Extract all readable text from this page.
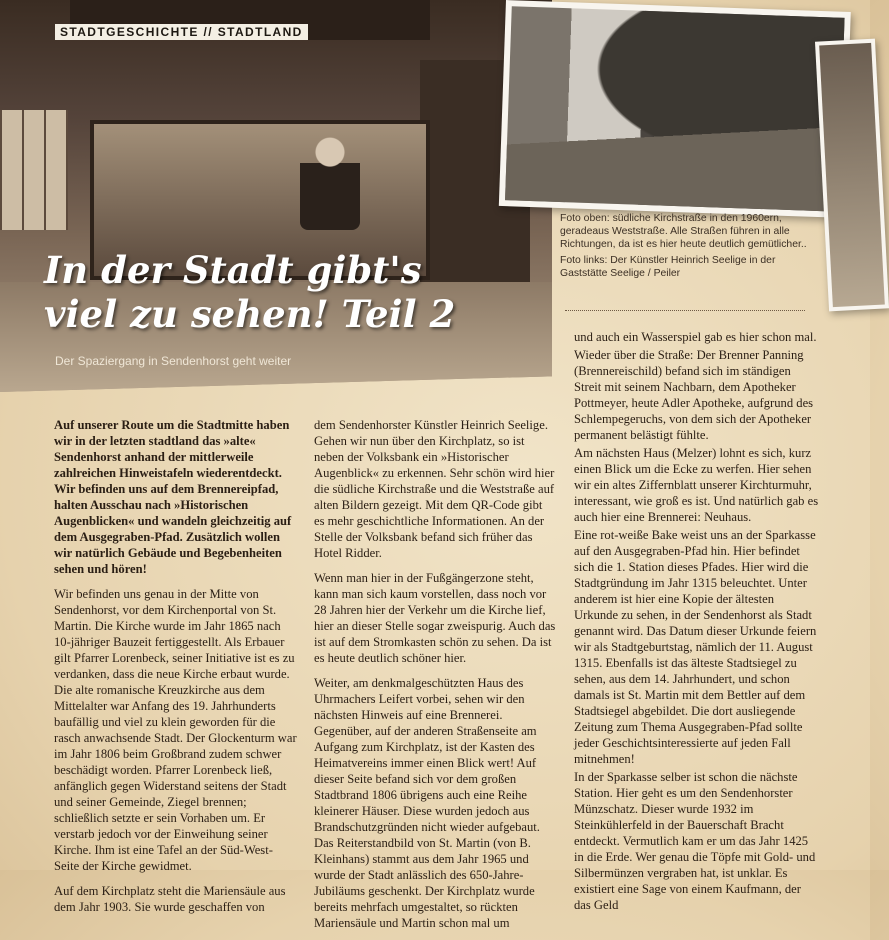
STADTGESCHICHTE // STADTLAND
In der Stadt gibt's viel zu sehen! Teil 2
Der Spaziergang in Sendenhorst geht weiter

Foto oben: südliche Kirchstraße in den 1960ern, geradeaus Weststraße. Alle Straßen führen in alle Richtungen, da ist es hier heute deutlich gemütlicher..

Foto links: Der Künstler Heinrich Seelige in der Gaststätte Seelige / Peiler

Auf unserer Route um die Stadtmitte haben wir in der letzten stadtland das »alte« Sendenhorst anhand der mittlerweile zahlreichen Hinweistafeln wiederentdeckt. Wir befinden uns auf dem Brennereipfad, halten Ausschau nach »Historischen Augenblicken« und wandeln gleichzeitig auf dem Ausgegraben-Pfad. Zusätzlich wollen wir natürlich Gebäude und Begebenheiten sehen und hören!

Wir befinden uns genau in der Mitte von Sendenhorst, vor dem Kirchenportal von St. Martin. Die Kirche wurde im Jahr 1865 nach 10-jähriger Bauzeit fertiggestellt. Als Erbauer gilt Pfarrer Lorenbeck, seiner Initiative ist es zu verdanken, dass die neue Kirche erbaut wurde. Die alte romanische Kreuzkirche aus dem Mittelalter war Anfang des 19. Jahrhunderts baufällig und viel zu klein geworden für die rasch anwachsende Stadt. Der Glockenturm war im Jahr 1806 beim Großbrand zudem schwer beschädigt worden. Pfarrer Lorenbeck ließ, anfänglich gegen Widerstand seitens der Stadt und seiner Gemeinde, Ziegel brennen; schließlich setzte er sein Vorhaben um. Er verstarb jedoch vor der Einweihung seiner Kirche. Ihm ist eine Tafel an der Süd-West-Seite der Kirche gewidmet.

Auf dem Kirchplatz steht die Mariensäule aus dem Jahr 1903. Sie wurde geschaffen von

dem Sendenhorster Künstler Heinrich Seelige. Gehen wir nun über den Kirchplatz, so ist neben der Volksbank ein »Historischer Augenblick« zu erkennen. Sehr schön wird hier die südliche Kirchstraße und die Weststraße auf alten Bildern gezeigt. Mit dem QR-Code gibt es mehr geschichtliche Informationen. An der Stelle der Volksbank befand sich früher das Hotel Ridder.

Wenn man hier in der Fußgängerzone steht, kann man sich kaum vorstellen, dass noch vor 28 Jahren hier der Verkehr um die Kirche lief, hier an dieser Stelle sogar zweispurig. Auch das ist auf dem Stromkasten schön zu sehen. Da ist es heute deutlich schöner hier.

Weiter, am denkmalgeschützten Haus des Uhrmachers Leifert vorbei, sehen wir den nächsten Hinweis auf eine Brennerei. Gegenüber, auf der anderen Straßenseite am Aufgang zum Kirchplatz, ist der Kasten des Heimatvereins immer einen Blick wert! Auf dieser Seite befand sich vor dem großen Stadtbrand 1806 übrigens auch eine Reihe kleinerer Häuser. Diese wurden jedoch aus Brandschutzgründen nicht wieder aufgebaut. Das Reiterstandbild von St. Martin (von B. Kleinhans) stammt aus dem Jahr 1965 und wurde der Stadt anlässlich des 650-Jahre-Jubiläums geschenkt. Der Kirchplatz wurde bereits mehrfach umgestaltet, so rückten Mariensäule und Martin schon mal um

und auch ein Wasserspiel gab es hier schon mal.

Wieder über die Straße: Der Brenner Panning (Brennereischild) befand sich im ständigen Streit mit seinem Nachbarn, dem Apotheker Pottmeyer, heute Adler Apotheke, aufgrund des Schlempegeruchs, von dem sich der Apotheker permanent belästigt fühlte.

Am nächsten Haus (Melzer) lohnt es sich, kurz einen Blick um die Ecke zu werfen. Hier sehen wir ein altes Ziffernblatt unserer Kirchturmuhr, interessant, wie groß es ist. Und natürlich gab es auch hier eine Brennerei: Neuhaus.

Eine rot-weiße Bake weist uns an der Sparkasse auf den Ausgegraben-Pfad hin. Hier befindet sich die 1. Station dieses Pfades. Hier wird die Stadtgründung im Jahr 1315 beleuchtet. Unter anderem ist hier eine Kopie der ältesten Urkunde zu sehen, in der Sendenhorst als Stadt genannt wird. Das Datum dieser Urkunde feiern wir als Stadtgeburtstag, nämlich der 11. August 1315. Ebenfalls ist das älteste Stadtsiegel zu sehen, aus dem 14. Jahrhundert, und schon damals ist St. Martin mit dem Bettler auf dem Stadtsiegel abgebildet. Die dort ausliegende Zeitung zum Thema Ausgegraben-Pfad sollte jeder Geschichtsinteressierte auf jeden Fall mitnehmen!

In der Sparkasse selber ist schon die nächste Station. Hier geht es um den Sendenhorster Münzschatz. Dieser wurde 1932 im Steinkühlerfeld in der Bauerschaft Bracht entdeckt. Vermutlich kam er um das Jahr 1425 in die Erde. Wer genau die Töpfe mit Gold- und Silbermünzen vergraben hat, ist unklar. Es existiert eine Sage von einem Kaufmann, der das Geld
